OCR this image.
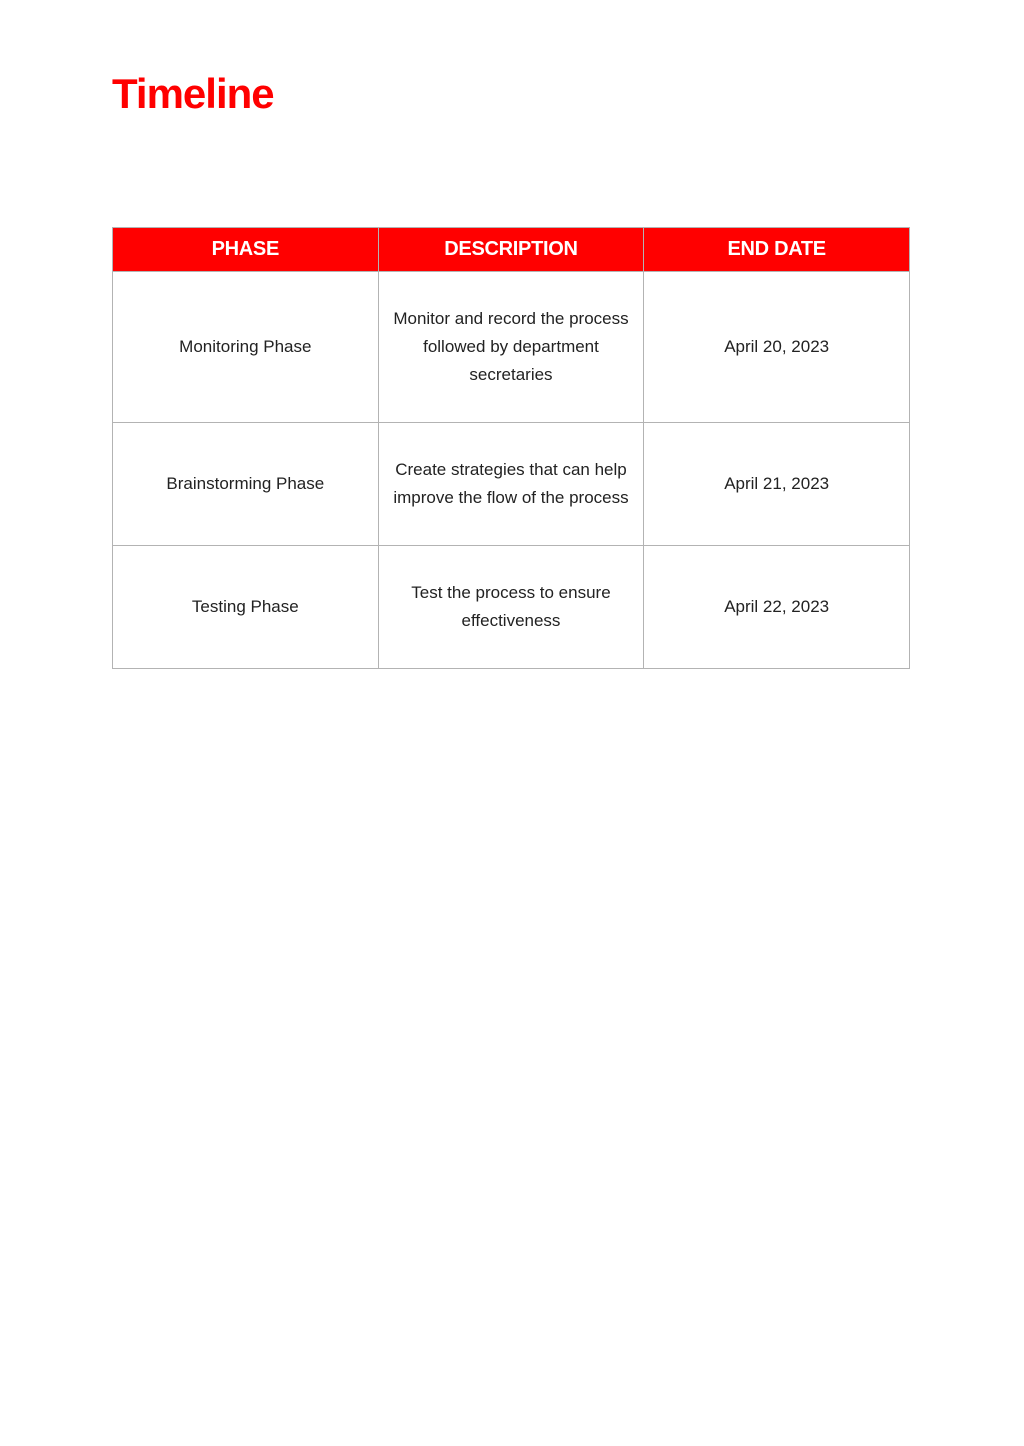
Timeline
PHASE	DESCRIPTION	END DATE
Monitoring Phase	Monitor and record the process followed by department secretaries	April 20, 2023
Brainstorming Phase	Create strategies that can help improve the flow of the process	April 21, 2023
Testing Phase	Test the process to ensure effectiveness	April 22, 2023
